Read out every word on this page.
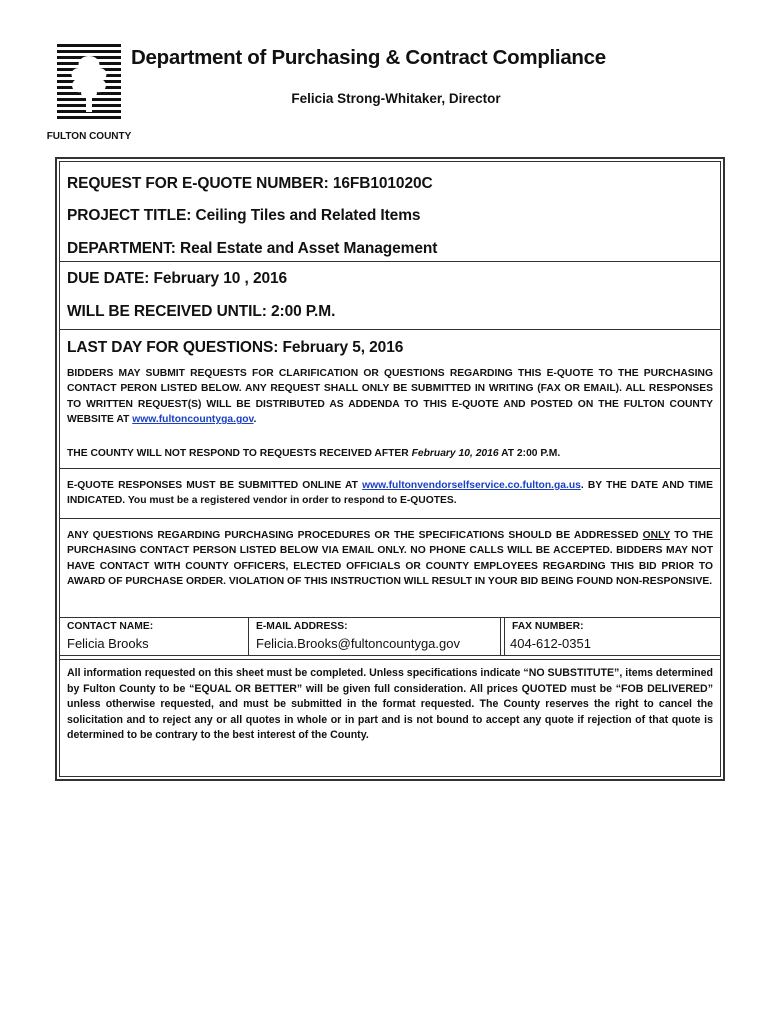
FULTON COUNTY
Department of Purchasing & Contract Compliance
Felicia Strong-Whitaker, Director
REQUEST FOR E-QUOTE NUMBER: 16FB101020C
PROJECT TITLE: Ceiling Tiles and Related Items
DEPARTMENT: Real Estate and Asset Management
DUE DATE: February 10 , 2016
WILL BE RECEIVED UNTIL: 2:00 P.M.
LAST DAY FOR QUESTIONS: February 5, 2016
BIDDERS MAY SUBMIT REQUESTS FOR CLARIFICATION OR QUESTIONS REGARDING THIS E-QUOTE TO THE PURCHASING CONTACT PERON LISTED BELOW. ANY REQUEST SHALL ONLY BE SUBMITTED IN WRITING (FAX OR EMAIL). ALL RESPONSES TO WRITTEN REQUEST(S) WILL BE DISTRIBUTED AS ADDENDA TO THIS E-QUOTE AND POSTED ON THE FULTON COUNTY WEBSITE AT www.fultoncountyga.gov.
THE COUNTY WILL NOT RESPOND TO REQUESTS RECEIVED AFTER February 10, 2016 AT 2:00 P.M.
E-QUOTE RESPONSES MUST BE SUBMITTED ONLINE AT www.fultonvendorselfservice.co.fulton.ga.us. BY THE DATE AND TIME INDICATED. You must be a registered vendor in order to respond to E-QUOTES.
ANY QUESTIONS REGARDING PURCHASING PROCEDURES OR THE SPECIFICATIONS SHOULD BE ADDRESSED ONLY TO THE PURCHASING CONTACT PERSON LISTED BELOW VIA EMAIL ONLY. NO PHONE CALLS WILL BE ACCEPTED. BIDDERS MAY NOT HAVE CONTACT WITH COUNTY OFFICERS, ELECTED OFFICIALS OR COUNTY EMPLOYEES REGARDING THIS BID PRIOR TO AWARD OF PURCHASE ORDER. VIOLATION OF THIS INSTRUCTION WILL RESULT IN YOUR BID BEING FOUND NON-RESPONSIVE.
CONTACT NAME:
Felicia Brooks
E-MAIL ADDRESS:
Felicia.Brooks@fultoncountyga.gov
FAX NUMBER:
404-612-0351
All information requested on this sheet must be completed. Unless specifications indicate “NO SUBSTITUTE”, items determined by Fulton County to be “EQUAL OR BETTER” will be given full consideration. All prices QUOTED must be “FOB DELIVERED” unless otherwise requested, and must be submitted in the format requested. The County reserves the right to cancel the solicitation and to reject any or all quotes in whole or in part and is not bound to accept any quote if rejection of that quote is determined to be contrary to the best interest of the County.
